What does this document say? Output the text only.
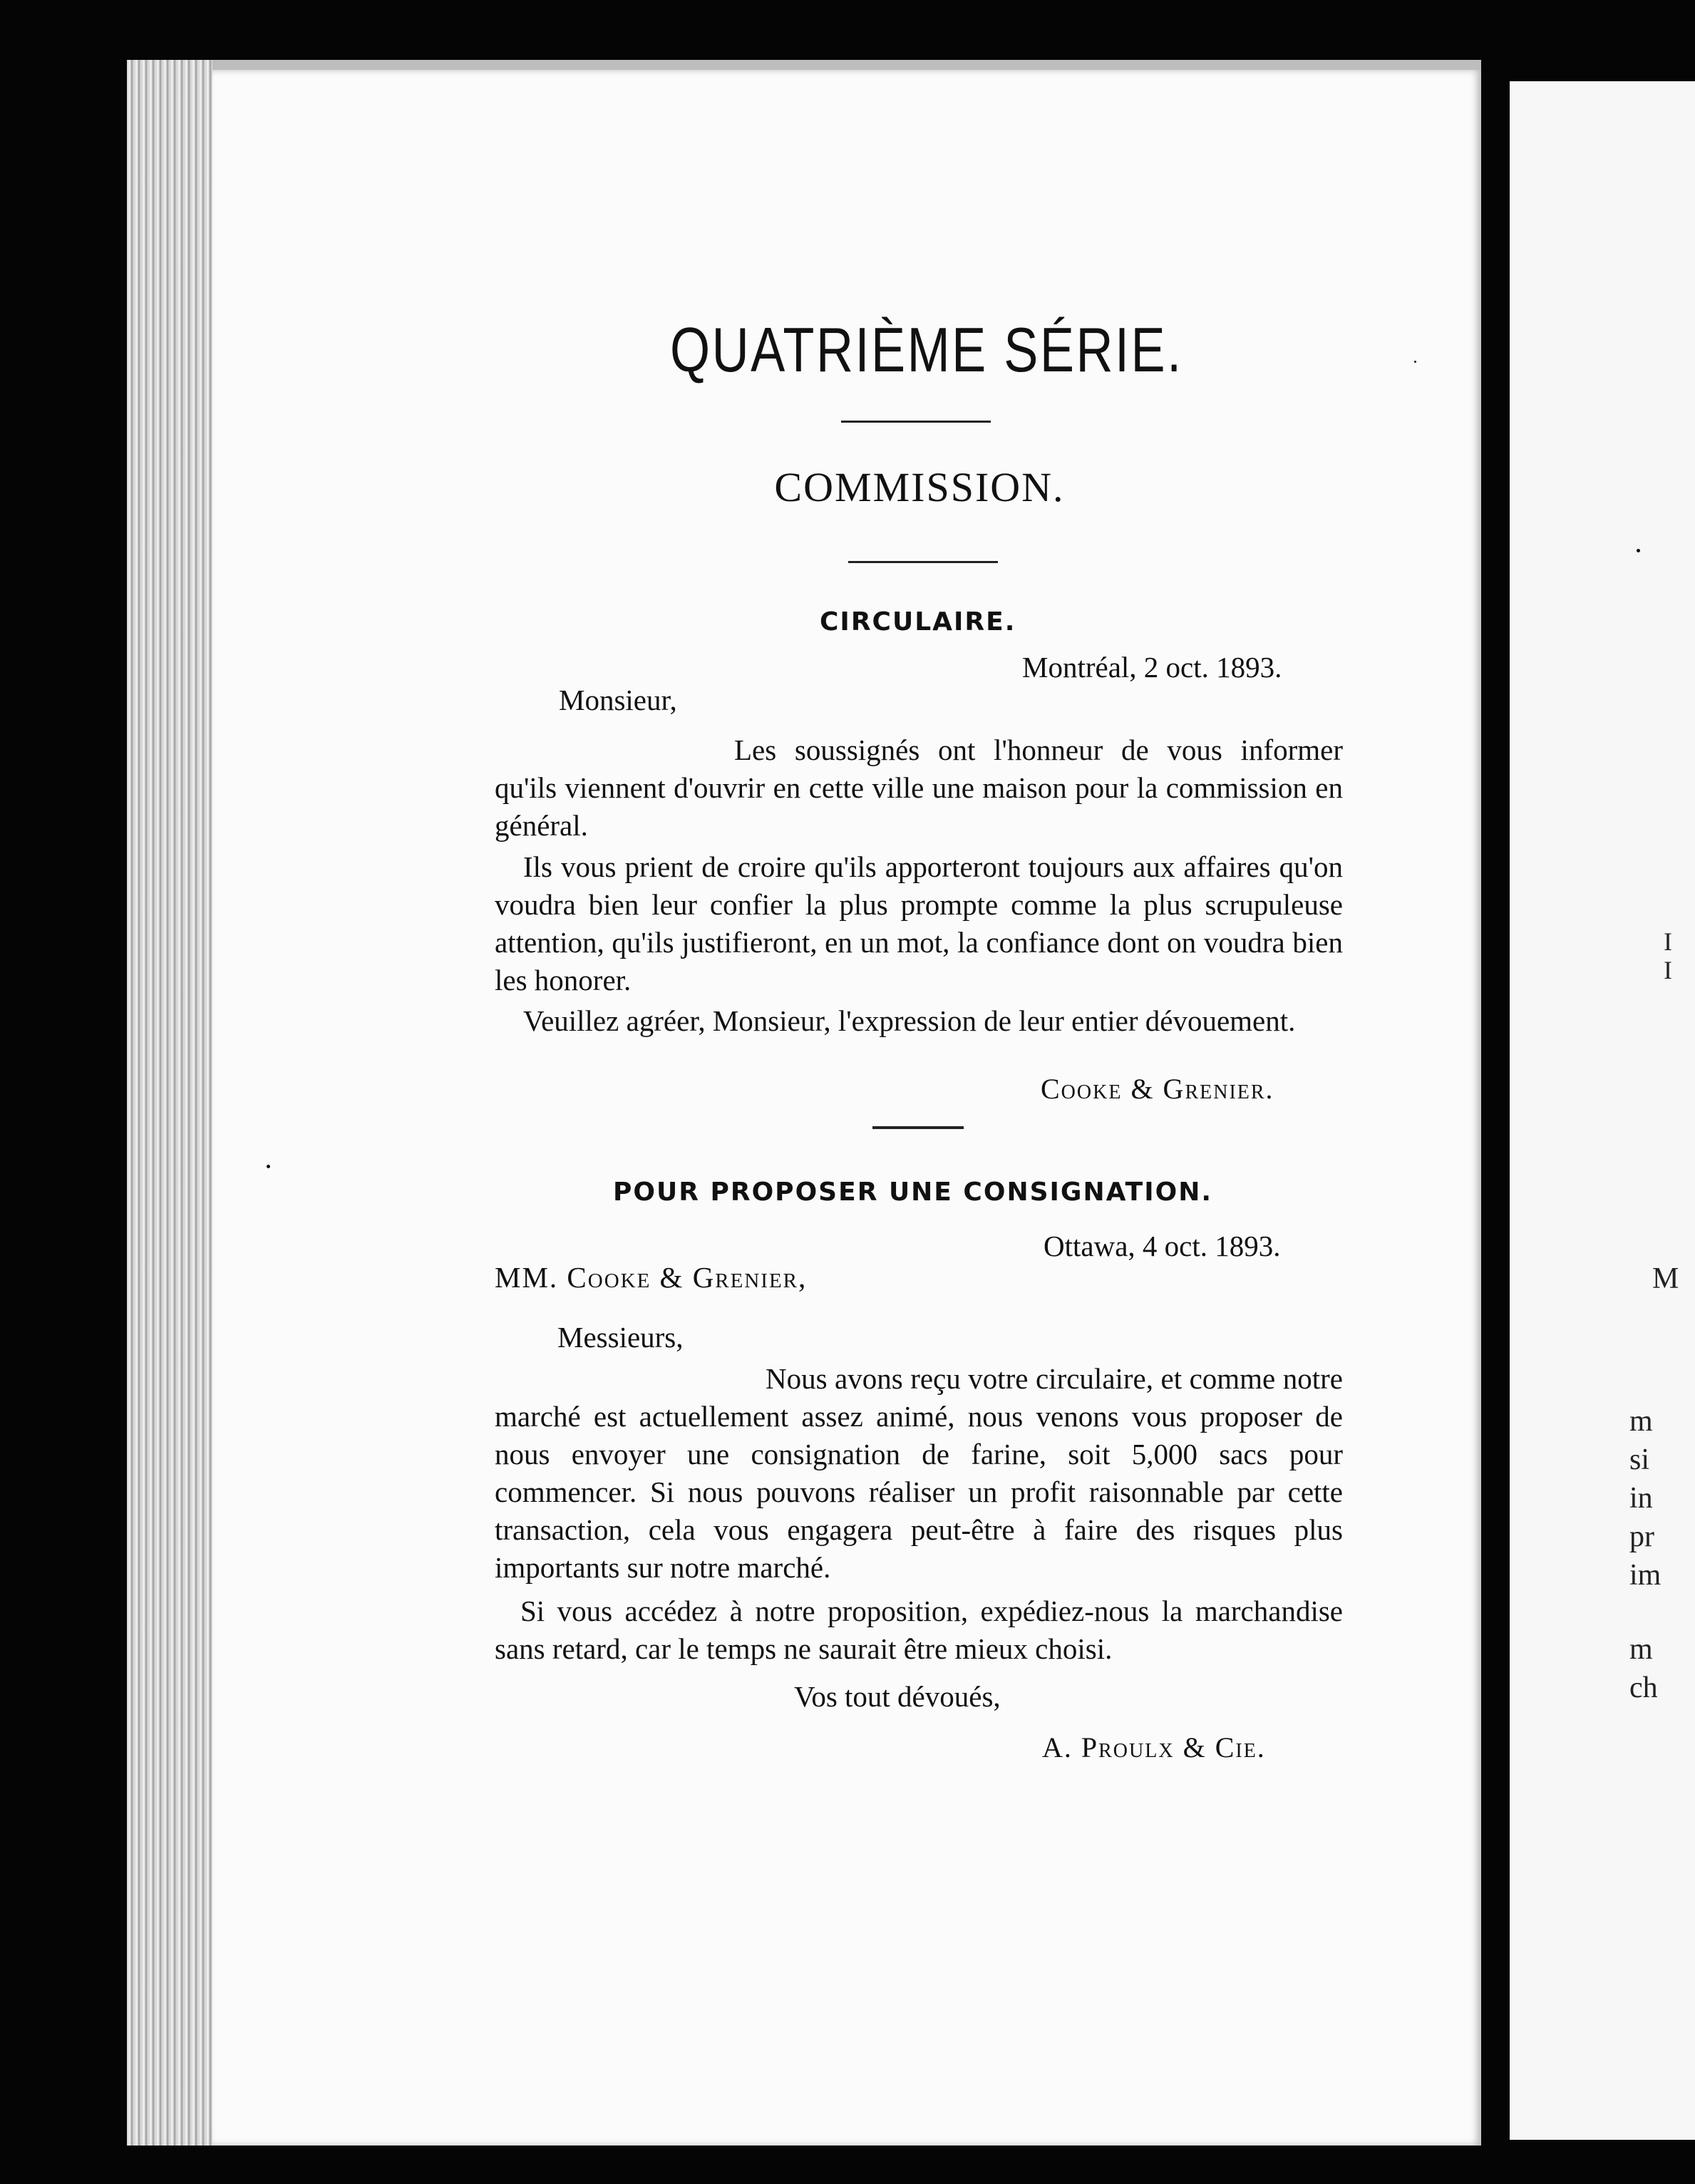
I
I
M
m
si
in
pr
im
m
ch
QUATRIÈME SÉRIE.
COMMISSION.
CIRCULAIRE.
Montréal, 2 oct. 1893.
Monsieur,
Les soussignés ont l'honneur de vous informer qu'ils viennent d'ouvrir en cette ville une maison pour la commission en général.
Ils vous prient de croire qu'ils apporteront toujours aux affaires qu'on voudra bien leur confier la plus prompte comme la plus scrupuleuse attention, qu'ils justifieront, en un mot, la confiance dont on voudra bien les honorer.
Veuillez agréer, Monsieur, l'expression de leur entier dévouement.
Cooke & Grenier.
POUR PROPOSER UNE CONSIGNATION.
Ottawa, 4 oct. 1893.
MM. Cooke & Grenier,
Messieurs,
Nous avons reçu votre circulaire, et comme notre marché est actuellement assez animé, nous venons vous proposer de nous envoyer une consignation de farine, soit 5,000 sacs pour commencer. Si nous pouvons réaliser un profit raisonnable par cette transaction, cela vous engagera peut-être à faire des risques plus importants sur notre marché.
Si vous accédez à notre proposition, expédiez-nous la marchandise sans retard, car le temps ne saurait être mieux choisi.
Vos tout dévoués,
A. Proulx & Cie.
